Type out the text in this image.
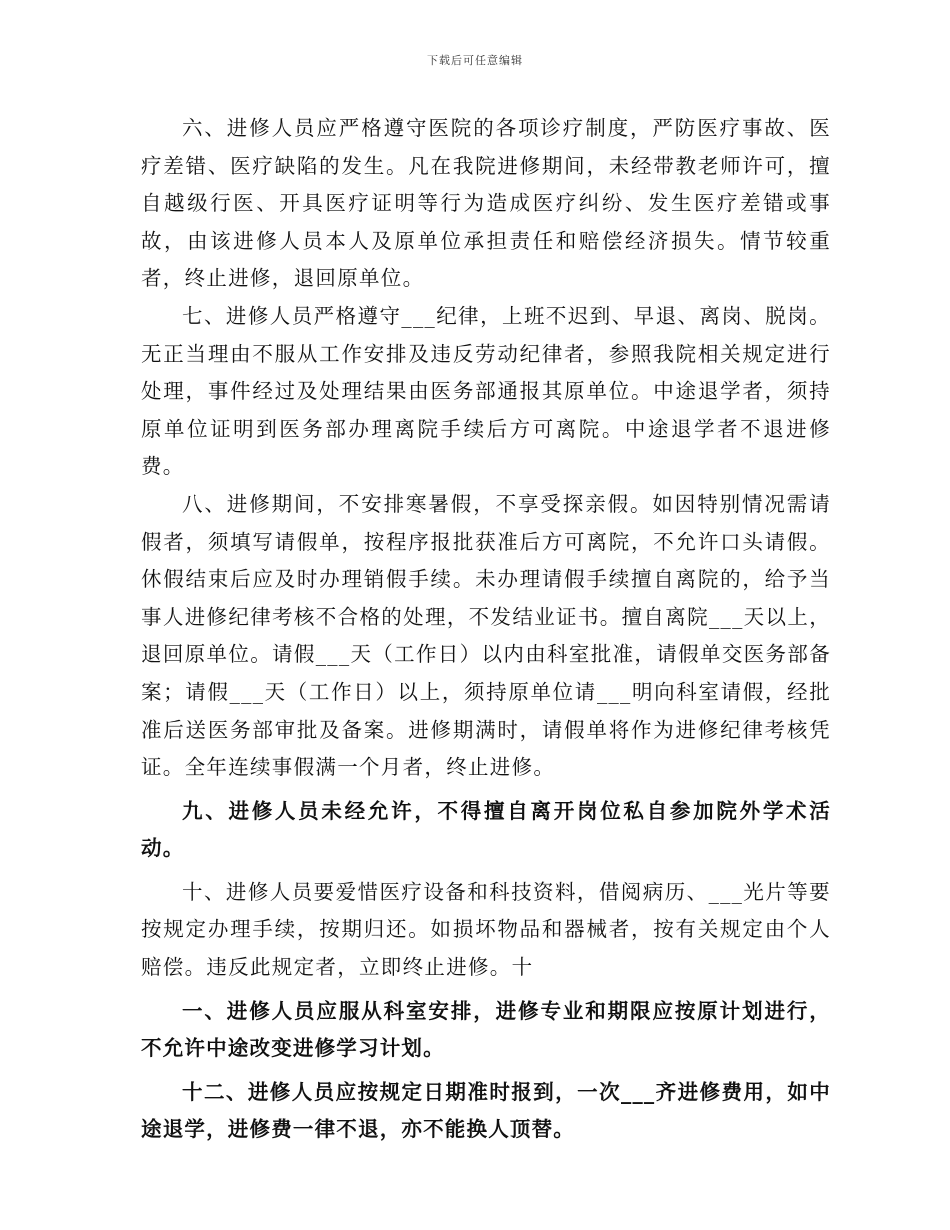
下载后可任意编辑

六、进修人员应严格遵守医院的各项诊疗制度，严防医疗事故、医疗差错、医疗缺陷的发生。凡在我院进修期间，未经带教老师许可，擅自越级行医、开具医疗证明等行为造成医疗纠纷、发生医疗差错或事故，由该进修人员本人及原单位承担责任和赔偿经济损失。情节较重者，终止进修，退回原单位。

七、进修人员严格遵守___纪律，上班不迟到、早退、离岗、脱岗。无正当理由不服从工作安排及违反劳动纪律者，参照我院相关规定进行处理，事件经过及处理结果由医务部通报其原单位。中途退学者，须持原单位证明到医务部办理离院手续后方可离院。中途退学者不退进修费。

八、进修期间，不安排寒暑假，不享受探亲假。如因特别情况需请假者，须填写请假单，按程序报批获准后方可离院，不允许口头请假。休假结束后应及时办理销假手续。未办理请假手续擅自离院的，给予当事人进修纪律考核不合格的处理，不发结业证书。擅自离院___天以上，退回原单位。请假___天（工作日）以内由科室批准，请假单交医务部备案；请假___天（工作日）以上，须持原单位请___明向科室请假，经批准后送医务部审批及备案。进修期满时，请假单将作为进修纪律考核凭证。全年连续事假满一个月者，终止进修。

九、进修人员未经允许，不得擅自离开岗位私自参加院外学术活动。

十、进修人员要爱惜医疗设备和科技资料，借阅病历、___光片等要按规定办理手续，按期归还。如损坏物品和器械者，按有关规定由个人赔偿。违反此规定者，立即终止进修。十

一、进修人员应服从科室安排，进修专业和期限应按原计划进行，不允许中途改变进修学习计划。

十二、进修人员应按规定日期准时报到，一次___齐进修费用，如中途退学，进修费一律不退，亦不能换人顶替。
